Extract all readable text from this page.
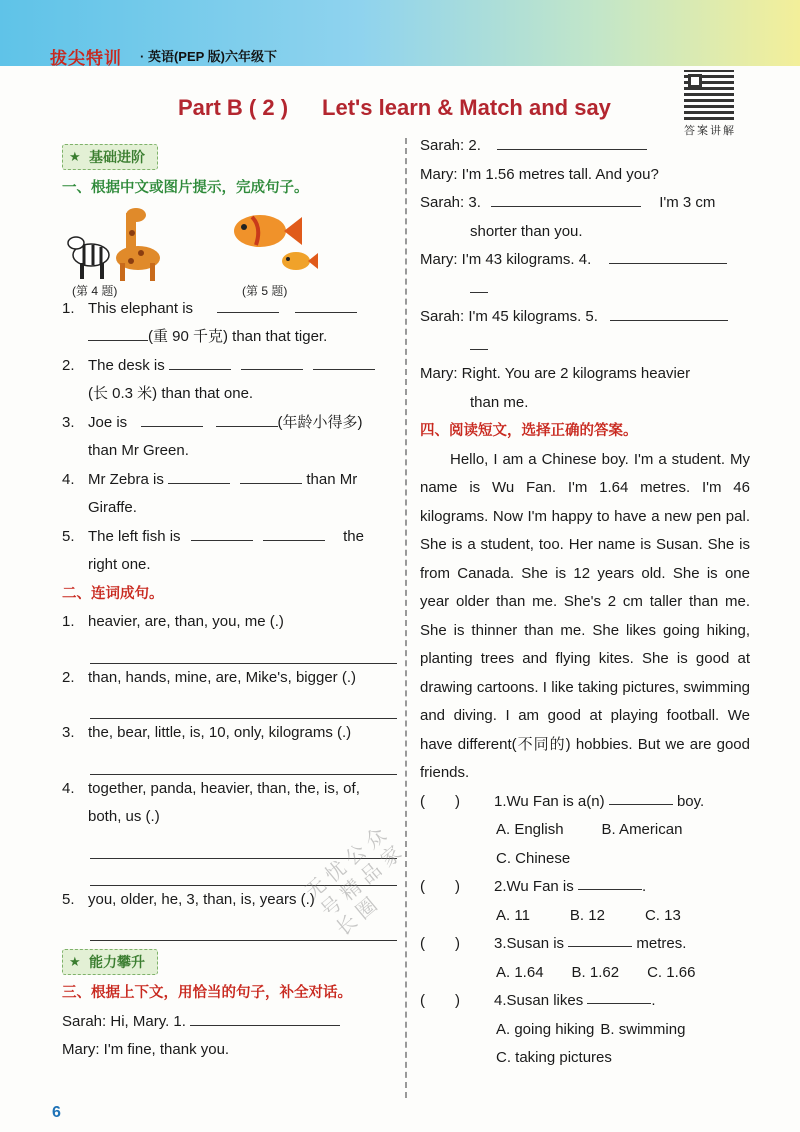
拔尖特训 · 英语(PEP 版)六年级下
答案讲解
Part B ( 2 ) Let's learn & Match and say
★ 基础进阶
一、根据中文或图片提示，完成句子。
(第 4 题)	(第 5 题)
1. This elephant is
(重 90 千克) than that tiger.
2. The desk is
(长 0.3 米) than that one.
3. Joe is	(年龄小得多)
than Mr Green.
4. Mr Zebra is	than Mr
Giraffe.
5. The left fish is	the
right one.
二、连词成句。
1. heavier, are, than, you, me (.)
2. than, hands, mine, are, Mike's, bigger (.)
3. the, bear, little, is, 10, only, kilograms (.)
4. together, panda, heavier, than, the, is, of, both, us (.)
5. you, older, he, 3, than, is, years (.)
★ 能力攀升
三、根据上下文，用恰当的句子，补全对话。
Sarah: Hi, Mary. 1.
Mary: I'm fine, thank you.
Sarah: 2.
Mary: I'm 1.56 metres tall. And you?
Sarah: 3.	I'm 3 cm
shorter than you.
Mary: I'm 43 kilograms. 4.
Sarah: I'm 45 kilograms. 5.
Mary: Right. You are 2 kilograms heavier
than me.
四、阅读短文，选择正确的答案。
Hello, I am a Chinese boy. I'm a student. My name is Wu Fan. I'm 1.64 metres. I'm 46 kilograms. Now I'm happy to have a new pen pal. She is a student, too. Her name is Susan. She is from Canada. She is 12 years old. She is one year older than me. She's 2 cm taller than me. She is thinner than me. She likes going hiking, planting trees and flying kites. She is good at drawing cartoons. I like taking pictures, swimming and diving. I am good at playing football. We have different(不同的) hobbies. But we are good friends.
(　　)	1. Wu Fan is a(n)

	boy.
A. English	B. American
C. Chinese
(　　)	2. Wu Fan is
	.
A. 11	B. 12	C. 13
(　　)	3. Susan is

	metres.
A. 1.64 B. 1.62 C. 1.66
(　　)	4. Susan likes
	.
A. going hiking B. swimming
C. taking pictures
无忧公众号精品家长圈
6
